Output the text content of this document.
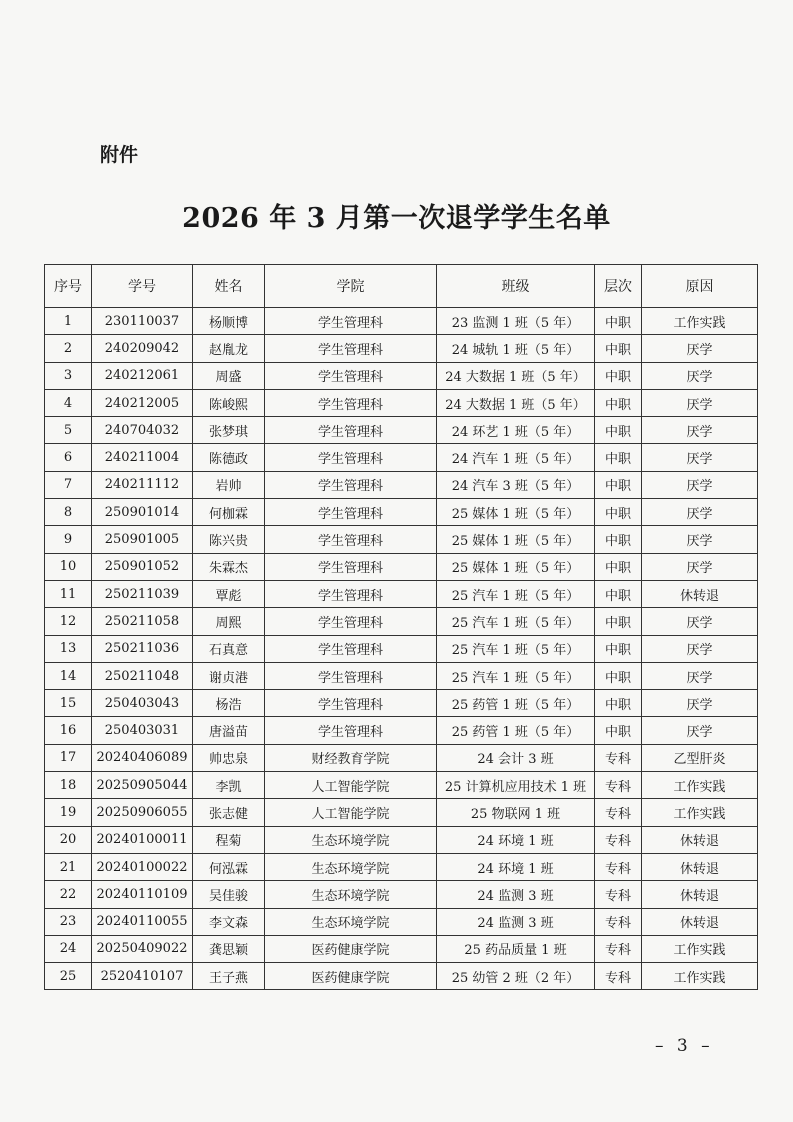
附件
2026 年 3 月第一次退学学生名单
序号	学号	姓名	学院	班级	层次	原因
1	230110037	杨顺博	学生管理科	23 监测 1 班（5 年）	中职	工作实践
2	240209042	赵胤龙	学生管理科	24 城轨 1 班（5 年）	中职	厌学
3	240212061	周盛	学生管理科	24 大数据 1 班（5 年）	中职	厌学
4	240212005	陈峻熙	学生管理科	24 大数据 1 班（5 年）	中职	厌学
5	240704032	张梦琪	学生管理科	24 环艺 1 班（5 年）	中职	厌学
6	240211004	陈德政	学生管理科	24 汽车 1 班（5 年）	中职	厌学
7	240211112	岩帅	学生管理科	24 汽车 3 班（5 年）	中职	厌学
8	250901014	何枷霖	学生管理科	25 媒体 1 班（5 年）	中职	厌学
9	250901005	陈兴贵	学生管理科	25 媒体 1 班（5 年）	中职	厌学
10	250901052	朱霖杰	学生管理科	25 媒体 1 班（5 年）	中职	厌学
11	250211039	覃彪	学生管理科	25 汽车 1 班（5 年）	中职	休转退
12	250211058	周熙	学生管理科	25 汽车 1 班（5 年）	中职	厌学
13	250211036	石真意	学生管理科	25 汽车 1 班（5 年）	中职	厌学
14	250211048	谢贞港	学生管理科	25 汽车 1 班（5 年）	中职	厌学
15	250403043	杨浩	学生管理科	25 药管 1 班（5 年）	中职	厌学
16	250403031	唐溢苗	学生管理科	25 药管 1 班（5 年）	中职	厌学
17	20240406089	帅忠泉	财经教育学院	24 会计 3 班	专科	乙型肝炎
18	20250905044	李凯	人工智能学院	25 计算机应用技术 1 班	专科	工作实践
19	20250906055	张志健	人工智能学院	25 物联网 1 班	专科	工作实践
20	20240100011	程菊	生态环境学院	24 环境 1 班	专科	休转退
21	20240100022	何泓霖	生态环境学院	24 环境 1 班	专科	休转退
22	20240110109	吴佳骏	生态环境学院	24 监测 3 班	专科	休转退
23	20240110055	李文森	生态环境学院	24 监测 3 班	专科	休转退
24	20250409022	龚思颖	医药健康学院	25 药品质量 1 班	专科	工作实践
25	2520410107	王子燕	医药健康学院	25 幼管 2 班（2 年）	专科	工作实践
– 3 –
